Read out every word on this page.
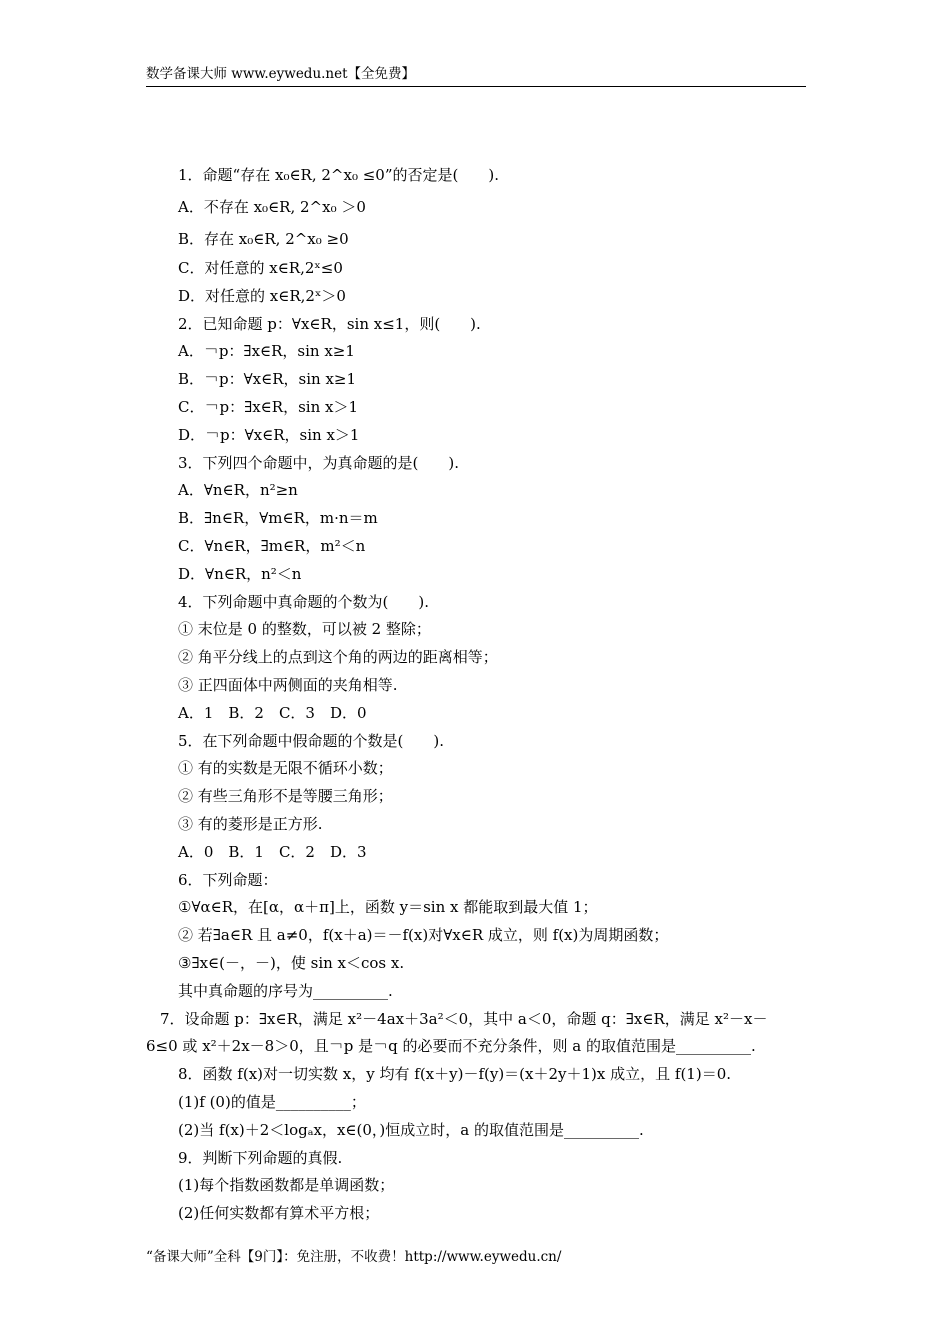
数学备课大师 www.eywedu.net【全免费】
1．命题“存在 x₀∈R, 2^x₀ ≤0”的否定是(　　).
A．不存在 x₀∈R, 2^x₀ ＞0
B．存在 x₀∈R, 2^x₀ ≥0
C．对任意的 x∈R,2ˣ≤0
D．对任意的 x∈R,2ˣ＞0
2．已知命题 p：∀x∈R，sin x≤1，则(　　).
A．￢p：∃x∈R，sin x≥1
B．￢p：∀x∈R，sin x≥1
C．￢p：∃x∈R，sin x＞1
D．￢p：∀x∈R，sin x＞1
3．下列四个命题中，为真命题的是(　　).
A．∀n∈R，n²≥n
B．∃n∈R，∀m∈R，m·n＝m
C．∀n∈R，∃m∈R，m²＜n
D．∀n∈R，n²＜n
4．下列命题中真命题的个数为(　　).
① 末位是 0 的整数，可以被 2 整除；
② 角平分线上的点到这个角的两边的距离相等；
③ 正四面体中两侧面的夹角相等.
A．1　B．2　C．3　D．0
5．在下列命题中假命题的个数是(　　).
① 有的实数是无限不循环小数；
② 有些三角形不是等腰三角形；
③ 有的菱形是正方形.
A．0　B．1　C．2　D．3
6．下列命题：
①∀α∈R，在[α，α＋π]上，函数 y＝sin x 都能取到最大值 1；
② 若∃a∈R 且 a≠0，f(x＋a)＝－f(x)对∀x∈R 成立，则 f(x)为周期函数；
③∃x∈(－，－)，使 sin x＜cos x.
其中真命题的序号为__________.
7．设命题 p：∃x∈R，满足 x²－4ax＋3a²＜0，其中 a＜0，命题 q：∃x∈R，满足 x²－x－
6≤0 或 x²＋2x－8＞0，且￢p 是￢q 的必要而不充分条件，则 a 的取值范围是__________.
8．函数 f(x)对一切实数 x，y 均有 f(x＋y)－f(y)＝(x＋2y＋1)x 成立，且 f(1)＝0.
(1)f (0)的值是__________；
(2)当 f(x)＋2＜logₐx，x∈(0，)恒成立时，a 的取值范围是__________.
9．判断下列命题的真假.
(1)每个指数函数都是单调函数；
(2)任何实数都有算术平方根；
“备课大师”全科【9门】：免注册，不收费！http://www.eywedu.cn/
